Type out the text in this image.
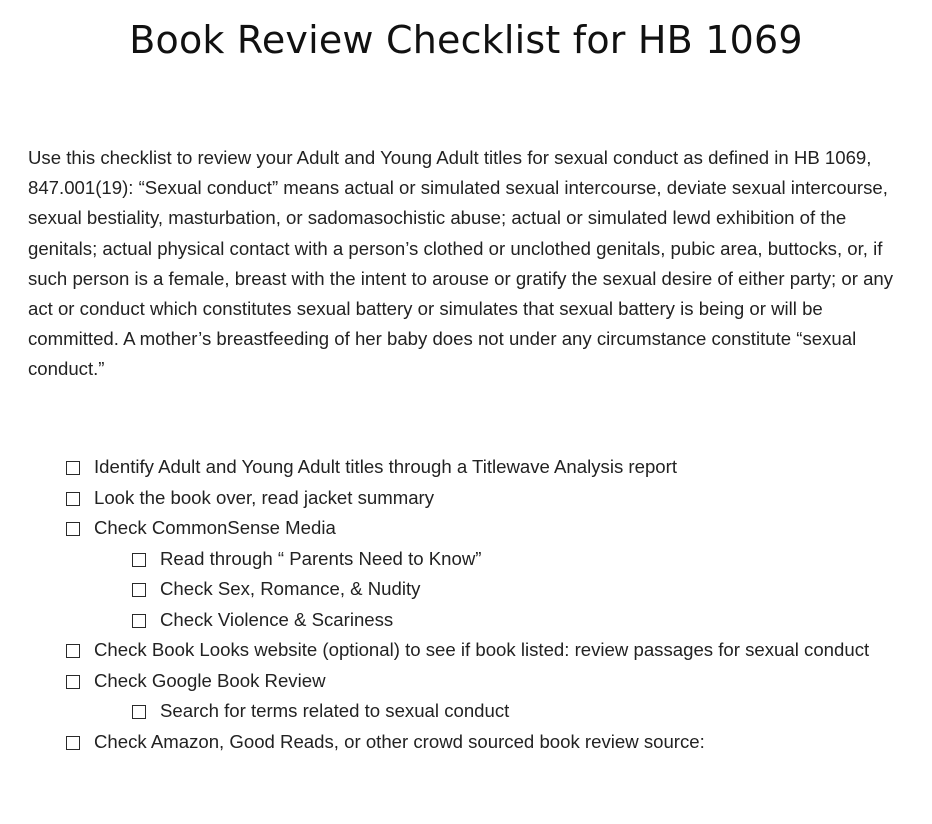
Book Review Checklist for HB 1069

Use this checklist to review your Adult and Young Adult titles for sexual conduct as defined in HB 1069, 847.001(19): “Sexual conduct” means actual or simulated sexual intercourse, deviate sexual intercourse, sexual bestiality, masturbation, or sadomasochistic abuse; actual or simulated lewd exhibition of the genitals; actual physical contact with a person’s clothed or unclothed genitals, pubic area, buttocks, or, if such person is a female, breast with the intent to arouse or gratify the sexual desire of either party; or any act or conduct which constitutes sexual battery or simulates that sexual battery is being or will be committed. A mother’s breastfeeding of her baby does not under any circumstance constitute “sexual conduct.”

Identify Adult and Young Adult titles through a Titlewave Analysis report
Look the book over, read jacket summary
Check CommonSense Media
Read through “ Parents Need to Know”
Check Sex, Romance, & Nudity
Check Violence & Scariness
Check Book Looks website (optional) to see if book listed: review passages for sexual conduct
Check Google Book Review
Search for terms related to sexual conduct
Check Amazon, Good Reads, or other crowd sourced book review source:
